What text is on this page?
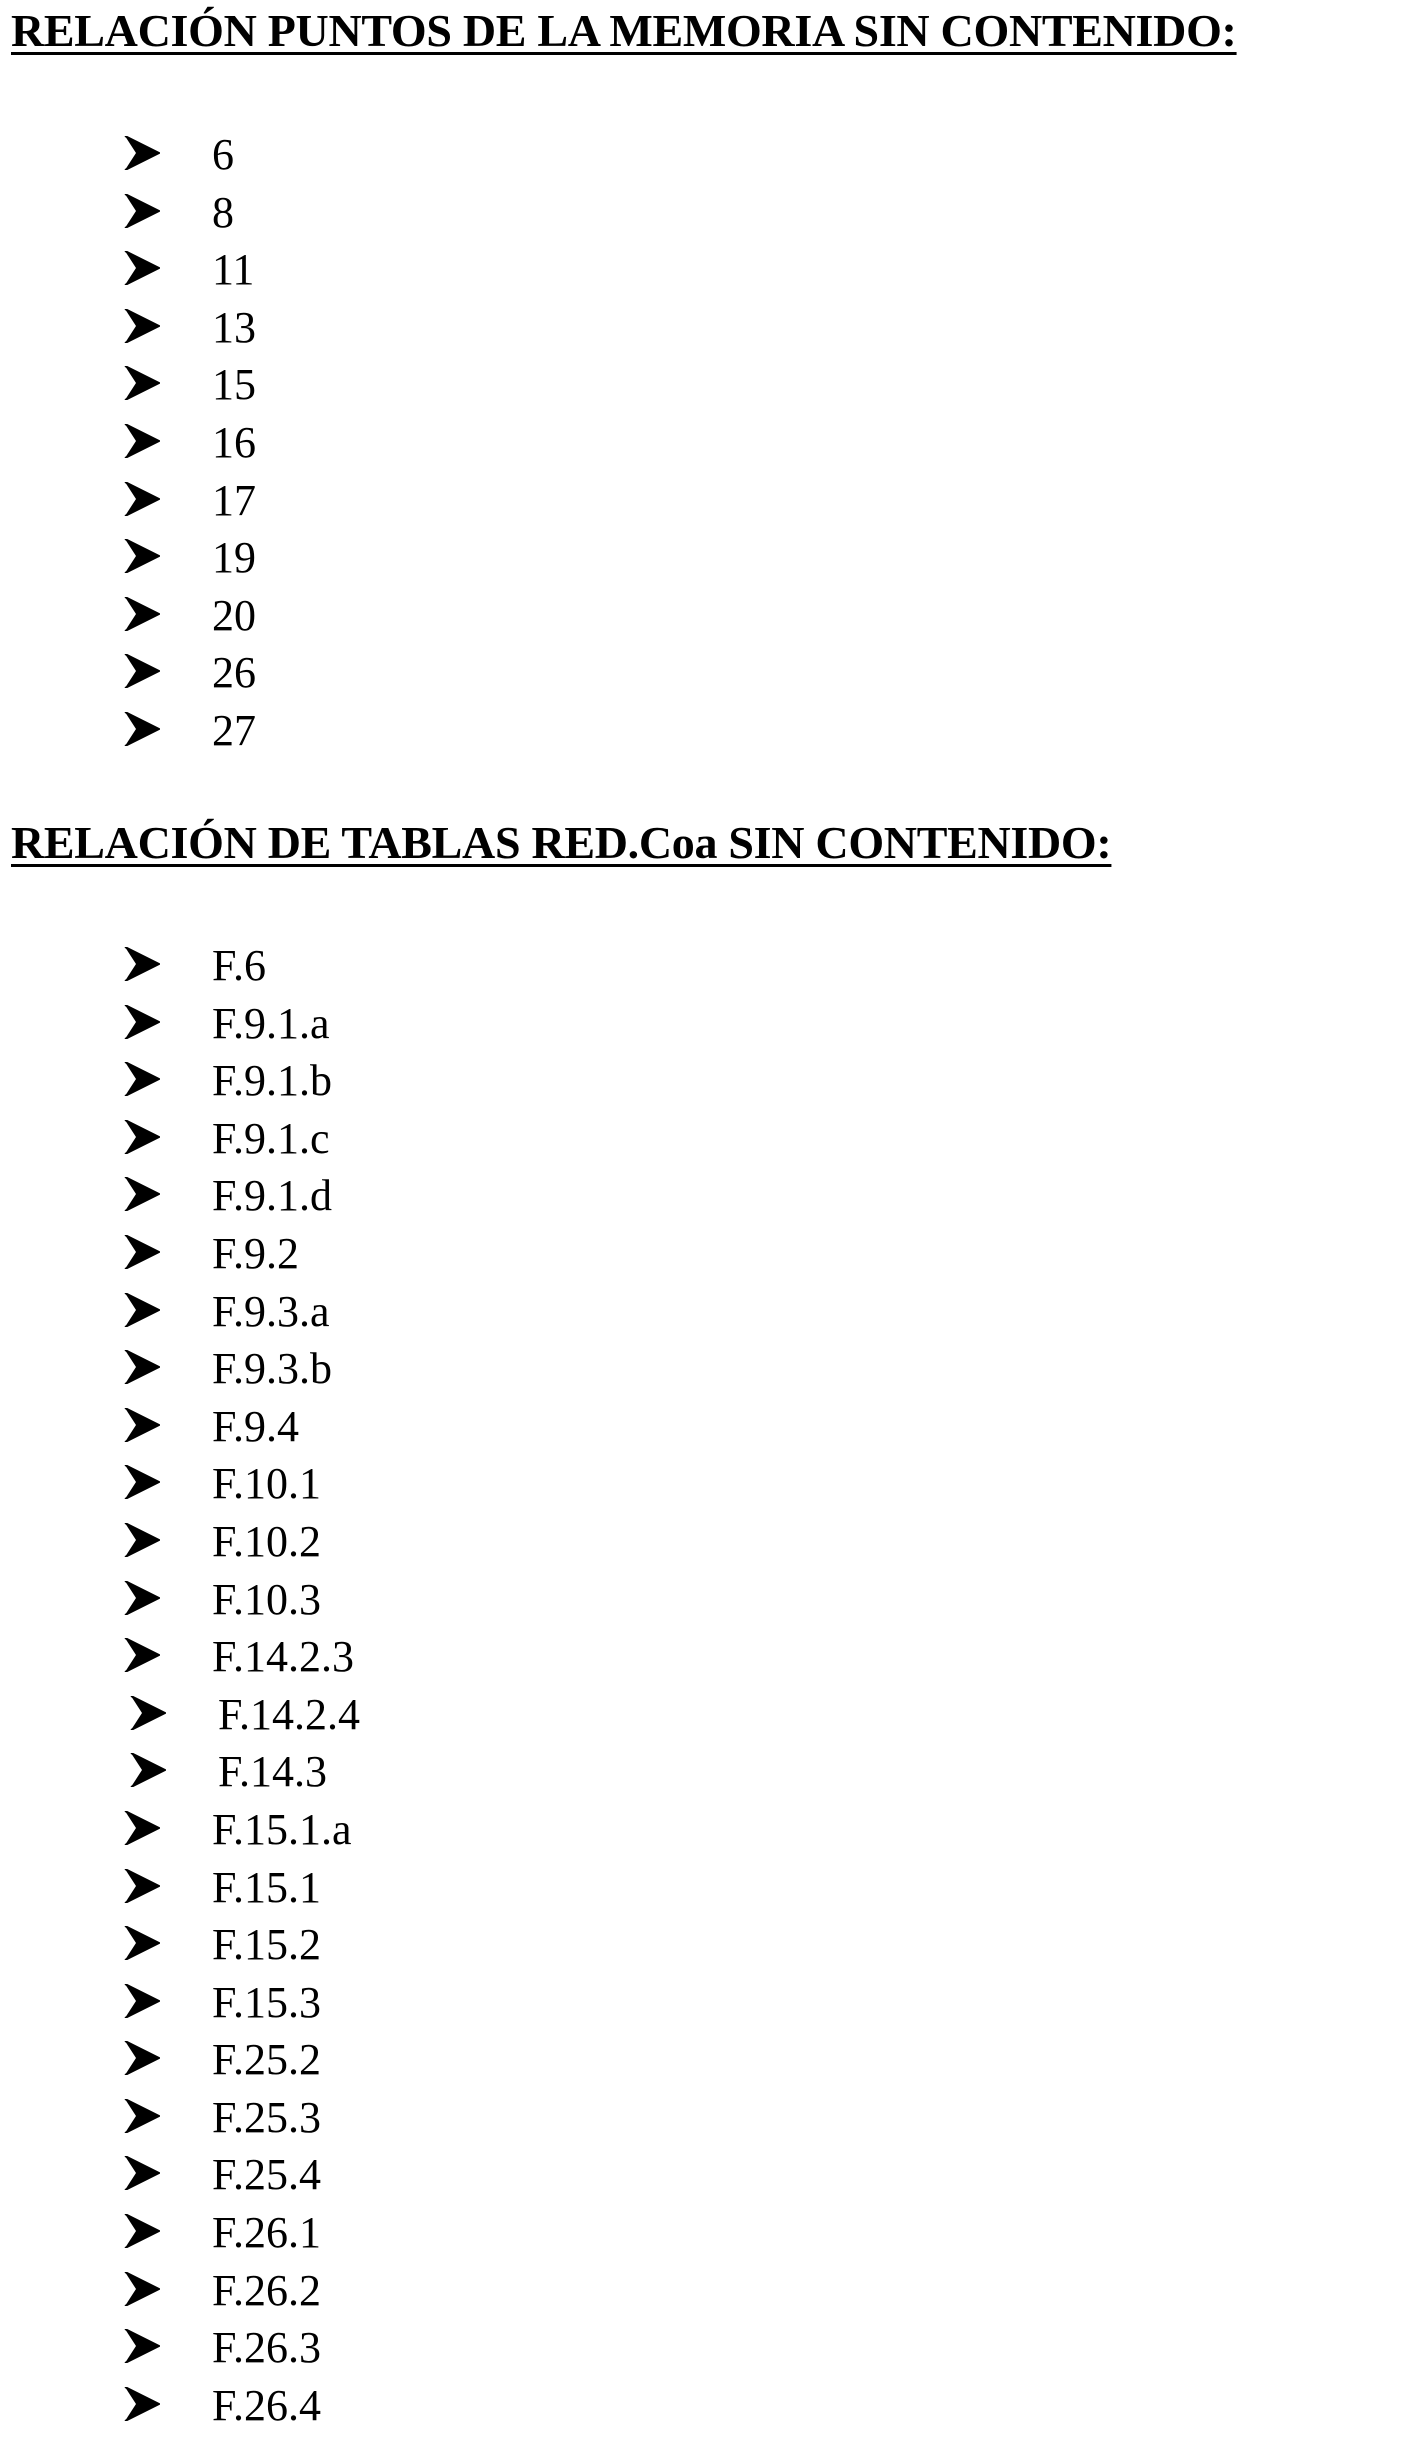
RELACIÓN PUNTOS DE LA MEMORIA SIN CONTENIDO:
6
8
11
13
15
16
17
19
20
26
27
RELACIÓN DE TABLAS RED.Coa SIN CONTENIDO:
F.6
F.9.1.a
F.9.1.b
F.9.1.c
F.9.1.d
F.9.2
F.9.3.a
F.9.3.b
F.9.4
F.10.1
F.10.2
F.10.3
F.14.2.3
F.14.2.4
F.14.3
F.15.1.a
F.15.1
F.15.2
F.15.3
F.25.2
F.25.3
F.25.4
F.26.1
F.26.2
F.26.3
F.26.4
